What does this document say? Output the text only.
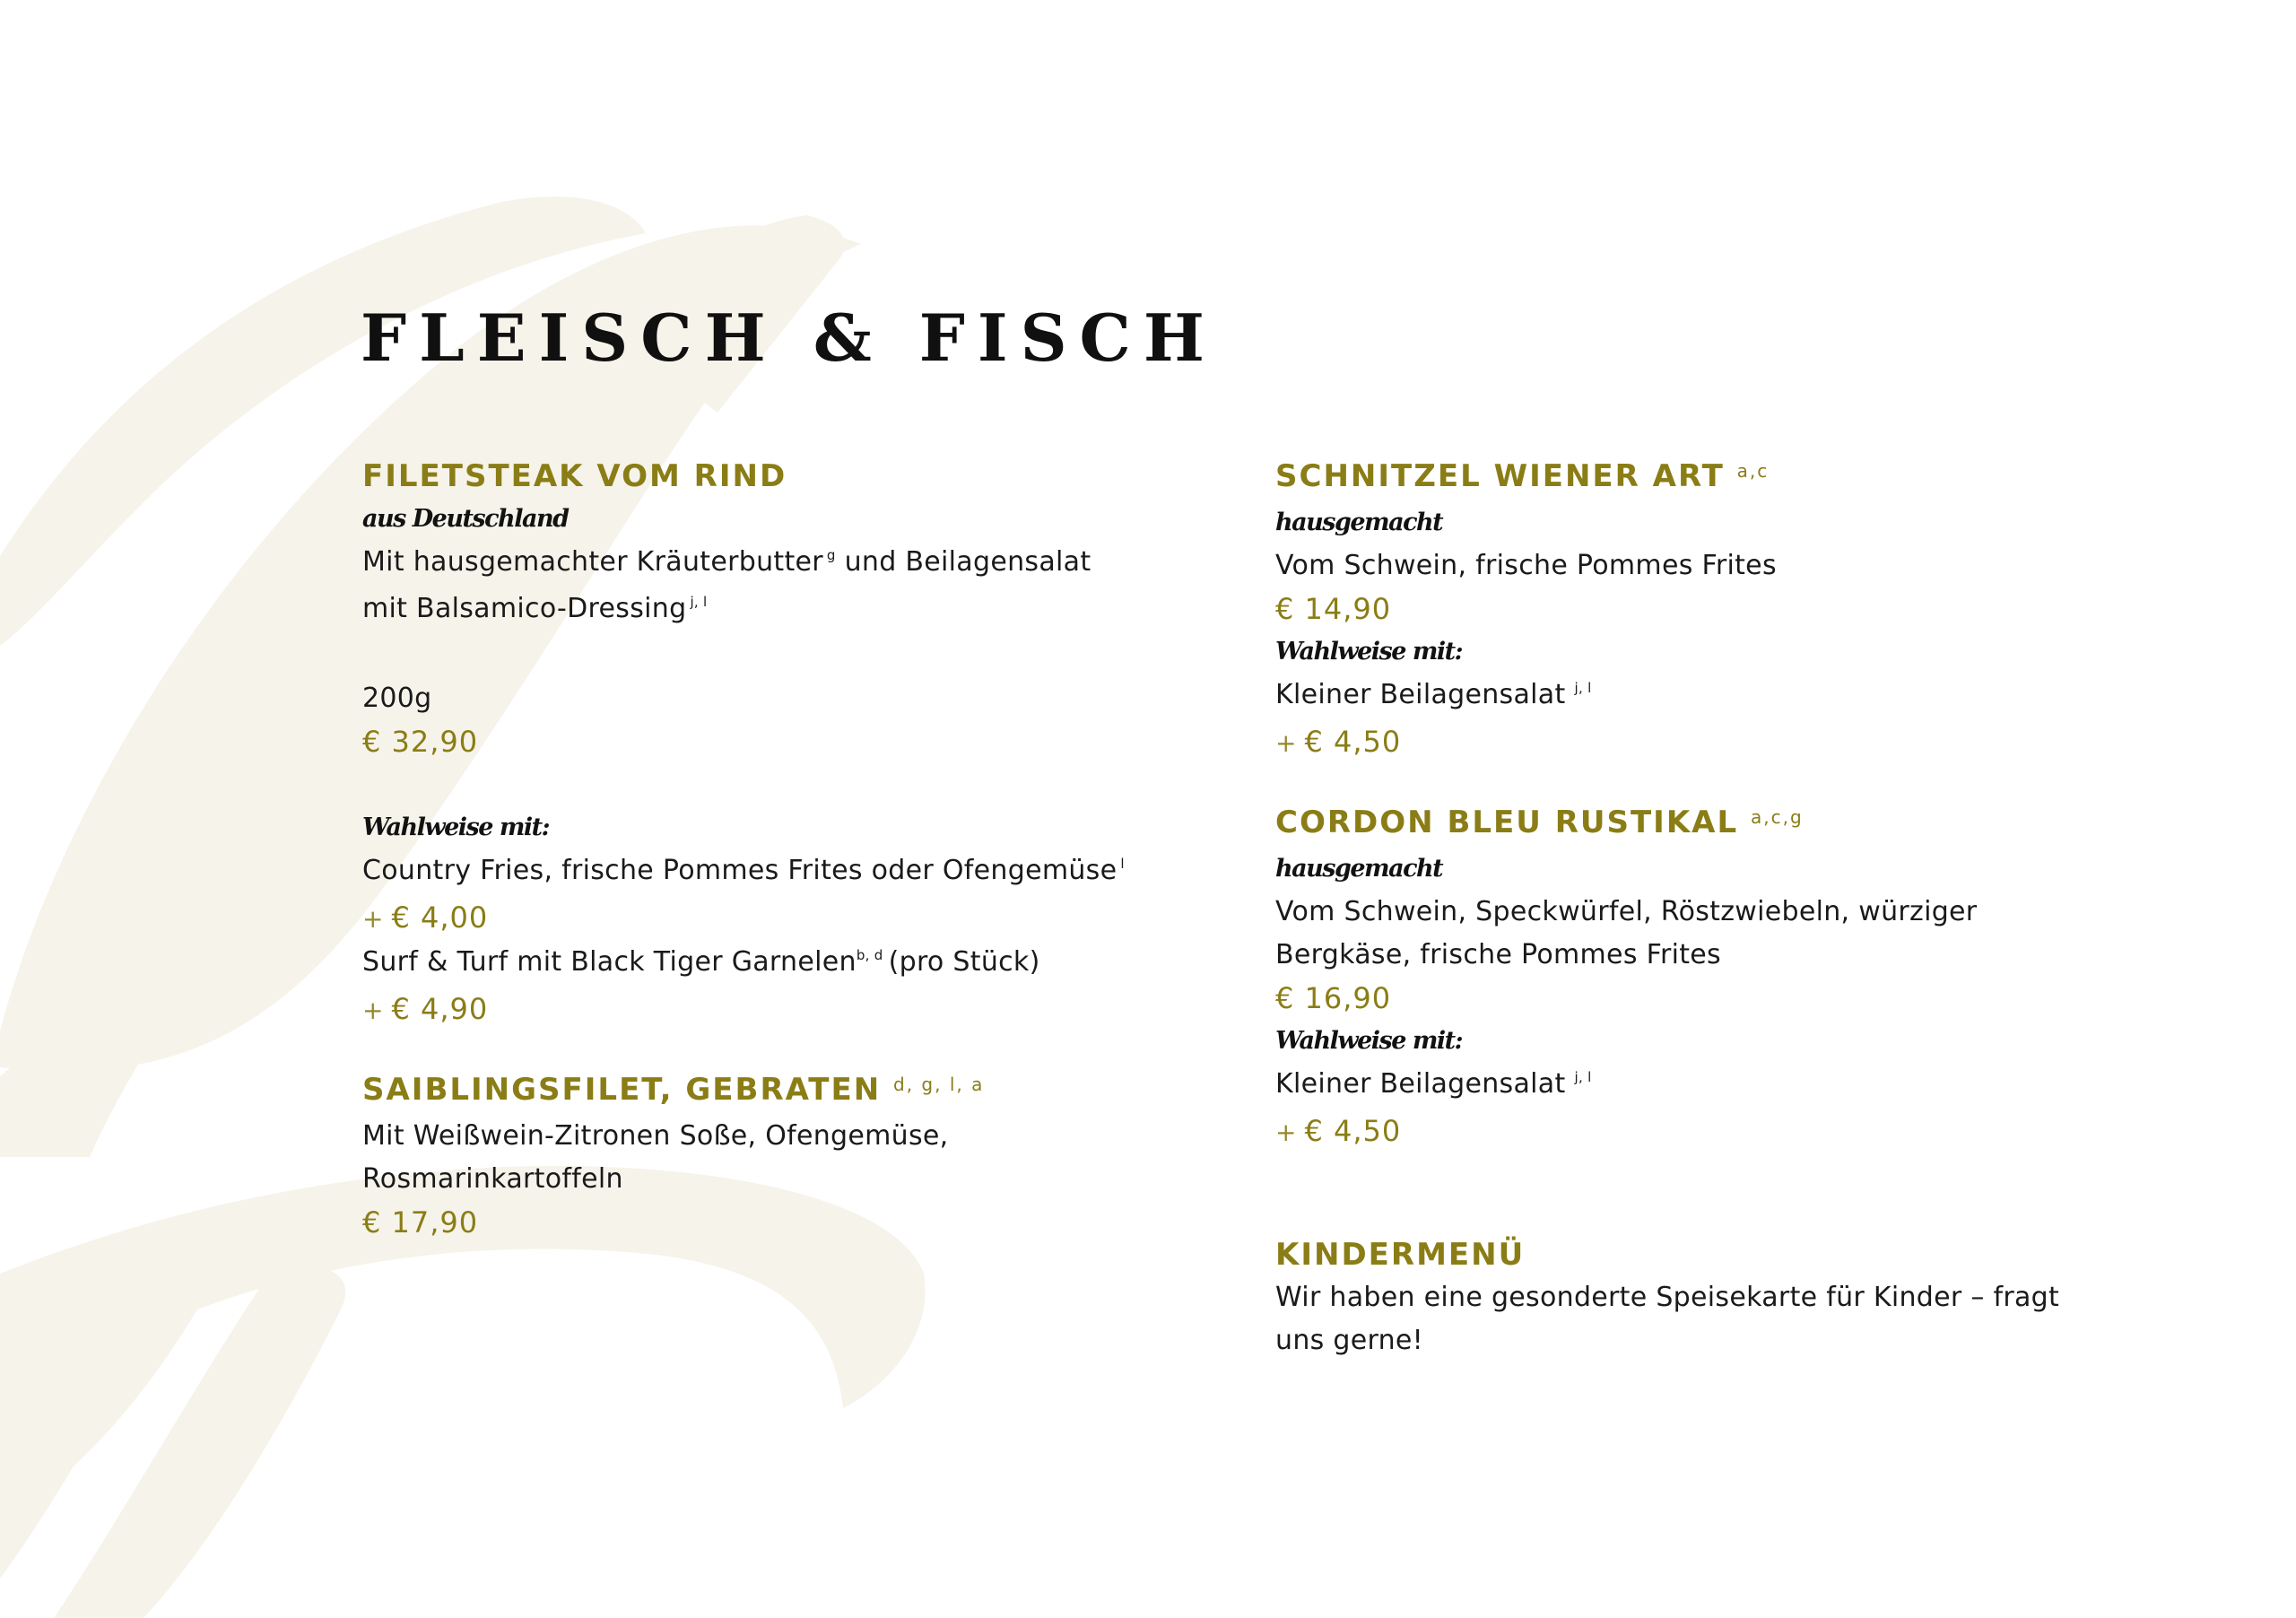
FLEISCH & FISCH
FILETSTEAK VOM RIND
aus Deutschland
Mit hausgemachter Kräuterbutter $^g$ und Beilagensalat
mit Balsamico-Dressing $^{j, l}$
200g
€ 32,90
Wahlweise mit:
Country Fries, frische Pommes Frites oder Ofengemüse $^l$
+ € 4,00
Surf & Turf mit Black Tiger Garnelen$^{b, d}$ (pro Stück)
+ € 4,90
SAIBLINGSFILET, GEBRATEN $^{d, g, l, a}$
Mit Weißwein-Zitronen Soße, Ofengemüse,
Rosmarinkartoffeln
€ 17,90
SCHNITZEL WIENER ART $^{a,c}$
hausgemacht
Vom Schwein, frische Pommes Frites
€ 14,90
Wahlweise mit:
Kleiner Beilagensalat $^{j, l}$
+ € 4,50
CORDON BLEU RUSTIKAL $^{a,c,g}$
hausgemacht
Vom Schwein, Speckwürfel, Röstzwiebeln, würziger
Bergkäse, frische Pommes Frites
€ 16,90
Wahlweise mit:
Kleiner Beilagensalat $^{j, l}$
+ € 4,50
KINDERMENÜ
Wir haben eine gesonderte Speisekarte für Kinder – fragt
uns gerne!
